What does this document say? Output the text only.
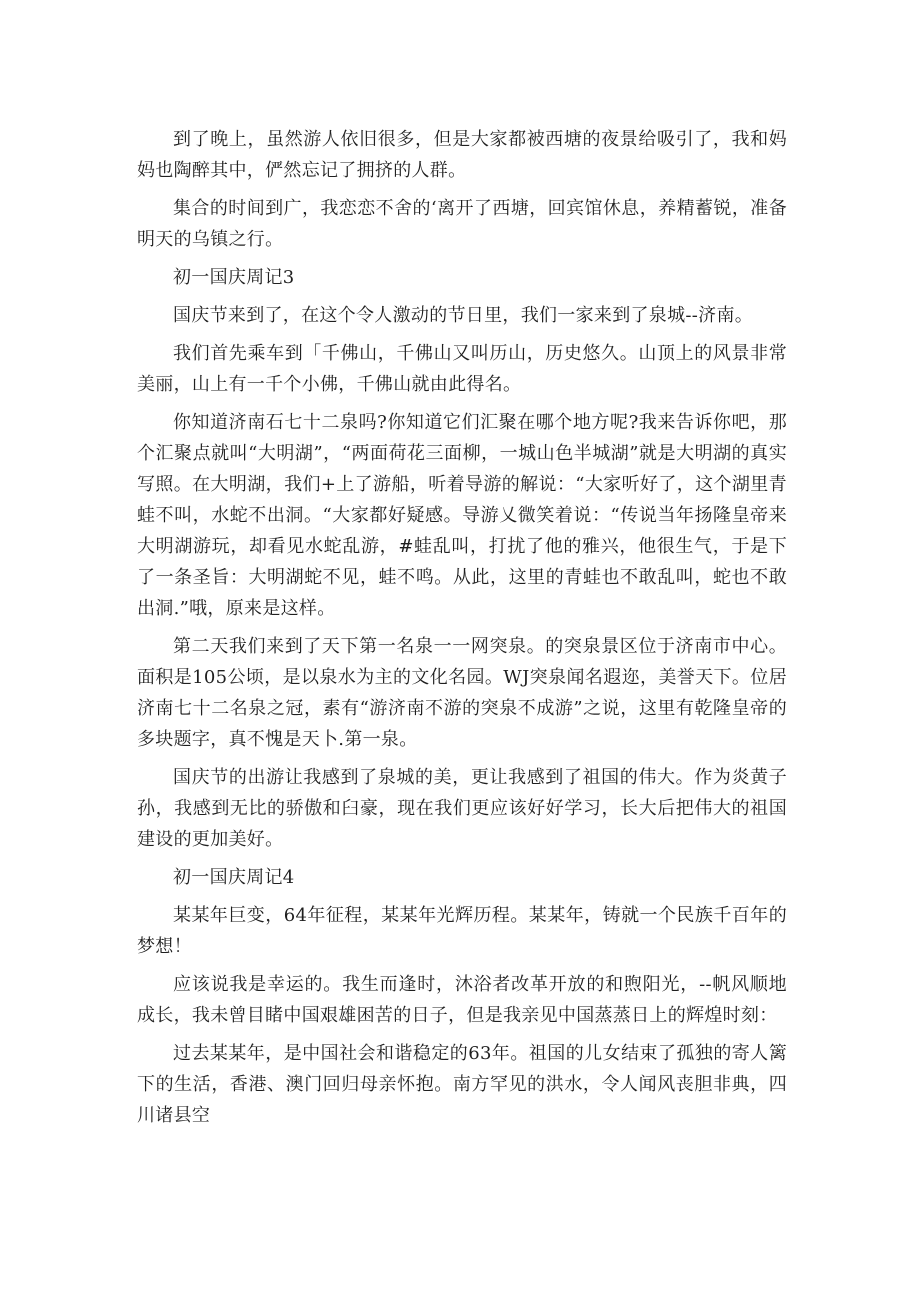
到了晚上，虽然游人依旧很多，但是大家都被西塘的夜景给吸引了，我和妈妈也陶醉其中，俨然忘记了拥挤的人群。

集合的时间到广，我恋恋不舍的‘离开了西塘，回宾馆休息，养精蓄锐，准备明天的乌镇之行。

初一国庆周记3

国庆节来到了，在这个令人激动的节日里，我们一家来到了泉城--济南。

我们首先乘车到「千佛山，千佛山又叫历山，历史悠久。山顶上的风景非常美丽，山上有一千个小佛，千佛山就由此得名。

你知道济南石七十二泉吗?你知道它们汇聚在哪个地方呢?我来告诉你吧，那个汇聚点就叫“大明湖”，“两面荷花三面柳，一城山色半城湖”就是大明湖的真实写照。在大明湖，我们+上了游船，听着导游的解说：“大家听好了，这个湖里青蛙不叫，水蛇不出洞。“大家都好疑感。导游乂微笑着说：“传说当年扬隆皇帝来大明湖游玩，却看见水蛇乱游，#蛙乱叫，打扰了他的雅兴，他很生气，于是下了一条圣旨：大明湖蛇不见，蛙不鸣。从此，这里的青蛙也不敢乱叫，蛇也不敢出洞.”哦，原来是这样。

第二天我们来到了天下第一名泉一一网突泉。的突泉景区位于济南市中心。面积是105公顷，是以泉水为主的文化名园。WJ突泉闻名遐迩，美誉天下。位居济南七十二名泉之冠，素有“游济南不游的突泉不成游”之说，这里有乾隆皇帝的多块题字，真不愧是天卜.第一泉。

国庆节的出游让我感到了泉城的美，更让我感到了祖国的伟大。作为炎黄子孙，我感到无比的骄傲和臼豪，现在我们更应该好好学习，长大后把伟大的祖国建设的更加美好。

初一国庆周记4

某某年巨变，64年征程，某某年光辉历程。某某年，铸就一个民族千百年的梦想！

应该说我是幸运的。我生而逢时，沐浴者改革开放的和煦阳光，--帆风顺地成长，我未曾目睹中国艰雄困苦的日子，但是我亲见中国蒸蒸日上的辉煌时刻：

过去某某年，是中国社会和谐稳定的63年。祖国的儿女结束了孤独的寄人篱下的生活，香港、澳门回归母亲怀抱。南方罕见的洪水，令人闻风丧胆非典，四川诸县空
